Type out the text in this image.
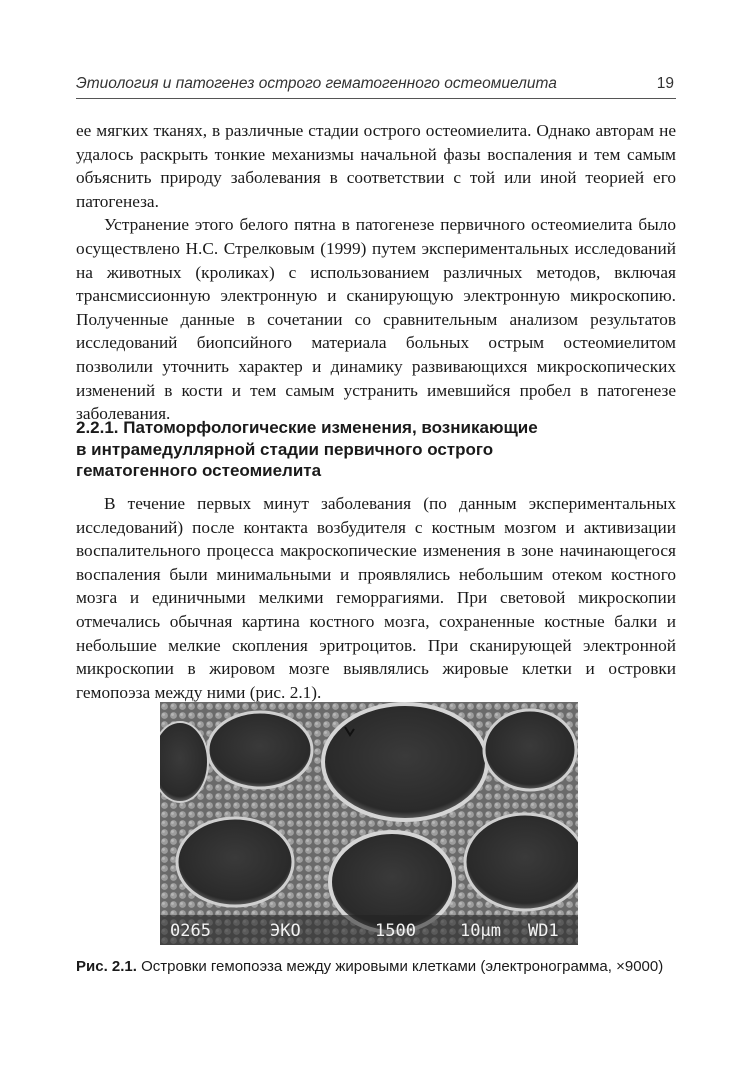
Этиология и патогенез острого гематогенного остеомиелита	19

ее мягких тканях, в различные стадии острого остеомиелита. Однако авторам не удалось раскрыть тонкие механизмы начальной фазы воспаления и тем самым объяснить природу заболевания в соответствии с той или иной теорией его патогенеза.

Устранение этого белого пятна в патогенезе первичного остеомиелита было осуществлено Н.С. Стрелковым (1999) путем экспериментальных исследований на животных (кроликах) с использованием различных методов, включая трансмиссионную электронную и сканирующую электронную микроскопию. Полученные данные в сочетании со сравнительным анализом результатов исследований биопсийного материала больных острым остеомиелитом позволили уточнить характер и динамику развивающихся микроскопических изменений в кости и тем самым устранить имевшийся пробел в патогенезе заболевания.

2.2.1. Патоморфологические изменения, возникающие
в интрамедуллярной стадии первичного острого
гематогенного остеомиелита

В течение первых минут заболевания (по данным экспериментальных исследований) после контакта возбудителя с костным мозгом и активизации воспалительного процесса макроскопические изменения в зоне начинающегося воспаления были минимальными и проявлялись небольшим отеком костного мозга и единичными мелкими геморрагиями. При световой микроскопии отмечались обычная картина костного мозга, сохраненные костные балки и небольшие мелкие скопления эритроцитов. При сканирующей электронной микроскопии в жировом мозге выявлялись жировые клетки и островки гемопоэза между ними (рис. 2.1).

0265	ЭКО	1500	10µm WD1
Рис. 2.1. Островки гемопоэза между жировыми клетками (электронограмма, ×9000)
